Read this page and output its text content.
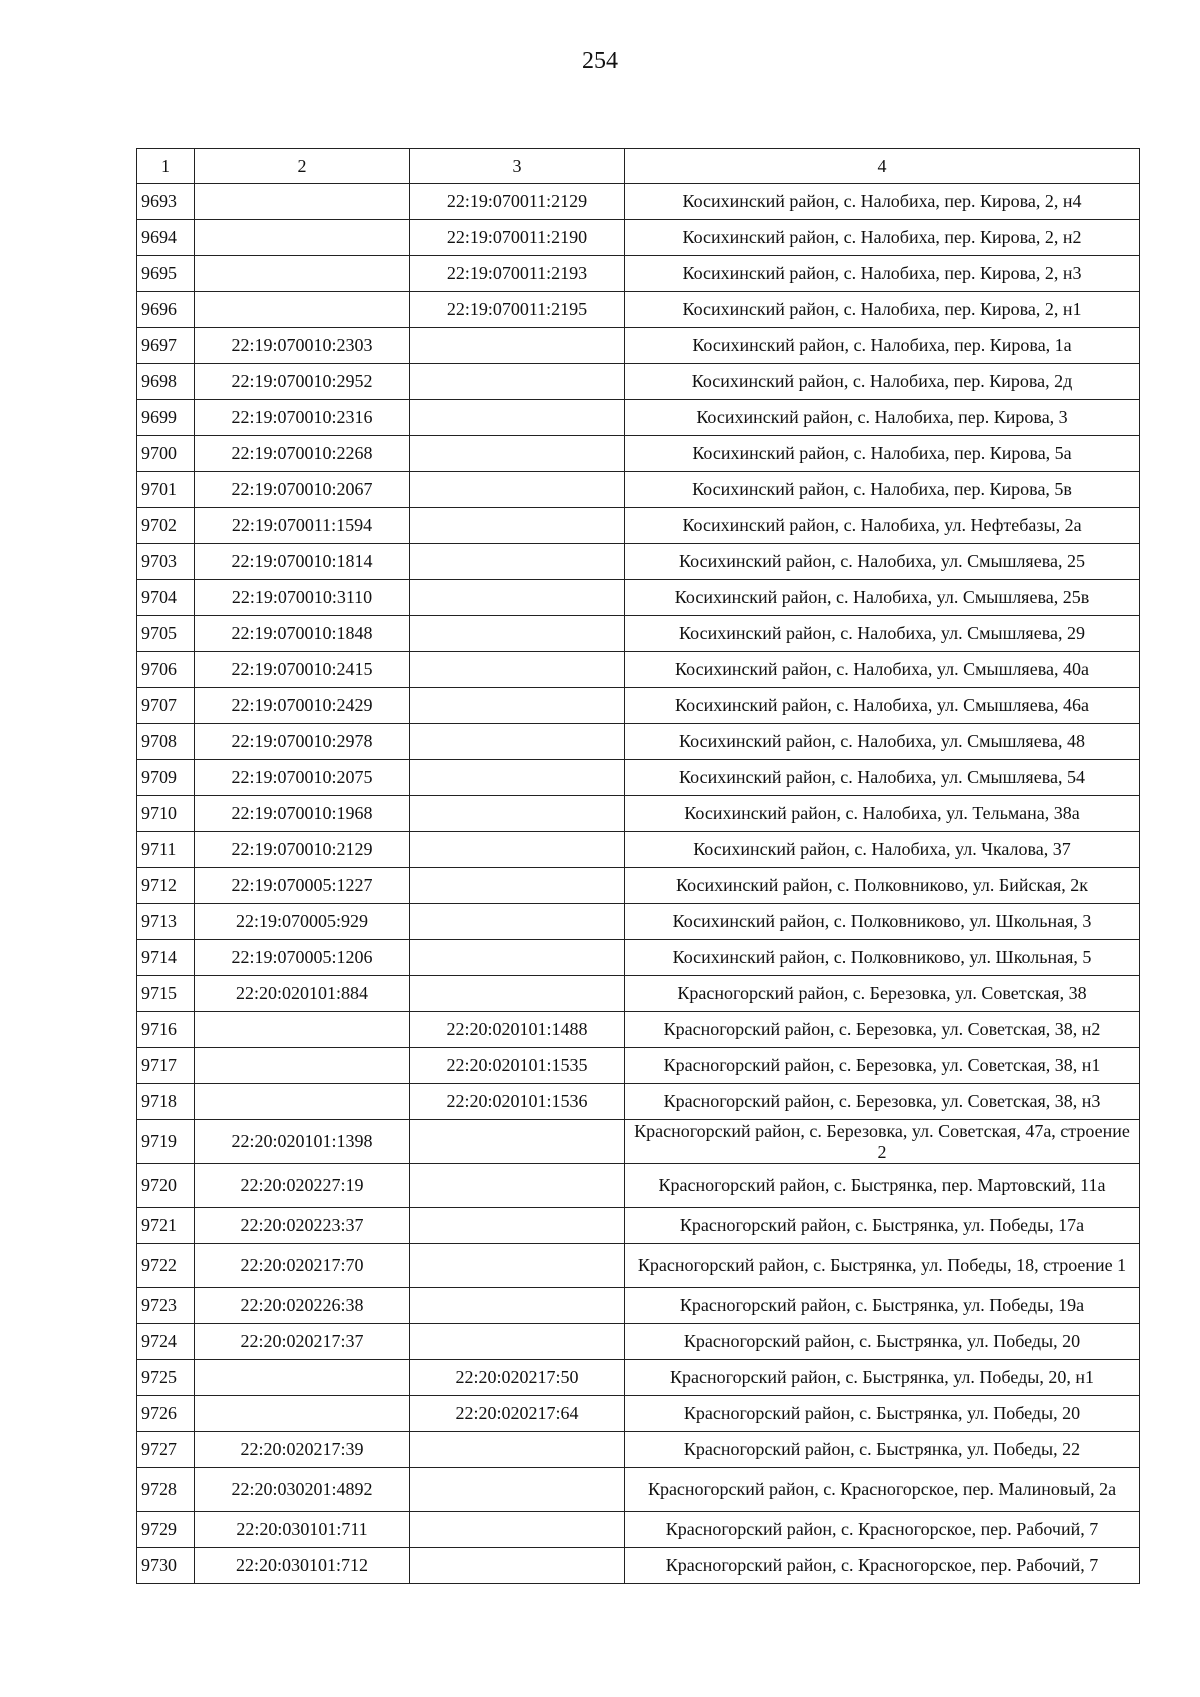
254
1	2	3	4
9693		22:19:070011:2129	Косихинский район, с. Налобиха, пер. Кирова, 2, н4
9694		22:19:070011:2190	Косихинский район, с. Налобиха, пер. Кирова, 2, н2
9695		22:19:070011:2193	Косихинский район, с. Налобиха, пер. Кирова, 2, н3
9696		22:19:070011:2195	Косихинский район, с. Налобиха, пер. Кирова, 2, н1
9697	22:19:070010:2303		Косихинский район, с. Налобиха, пер. Кирова, 1а
9698	22:19:070010:2952		Косихинский район, с. Налобиха, пер. Кирова, 2д
9699	22:19:070010:2316		Косихинский район, с. Налобиха, пер. Кирова, 3
9700	22:19:070010:2268		Косихинский район, с. Налобиха, пер. Кирова, 5а
9701	22:19:070010:2067		Косихинский район, с. Налобиха, пер. Кирова, 5в
9702	22:19:070011:1594		Косихинский район, с. Налобиха, ул. Нефтебазы, 2а
9703	22:19:070010:1814		Косихинский район, с. Налобиха, ул. Смышляева, 25
9704	22:19:070010:3110		Косихинский район, с. Налобиха, ул. Смышляева, 25в
9705	22:19:070010:1848		Косихинский район, с. Налобиха, ул. Смышляева, 29
9706	22:19:070010:2415		Косихинский район, с. Налобиха, ул. Смышляева, 40а
9707	22:19:070010:2429		Косихинский район, с. Налобиха, ул. Смышляева, 46а
9708	22:19:070010:2978		Косихинский район, с. Налобиха, ул. Смышляева, 48
9709	22:19:070010:2075		Косихинский район, с. Налобиха, ул. Смышляева, 54
9710	22:19:070010:1968		Косихинский район, с. Налобиха, ул. Тельмана, 38а
9711	22:19:070010:2129		Косихинский район, с. Налобиха, ул. Чкалова, 37
9712	22:19:070005:1227		Косихинский район, с. Полковниково, ул. Бийская, 2к
9713	22:19:070005:929		Косихинский район, с. Полковниково, ул. Школьная, 3
9714	22:19:070005:1206		Косихинский район, с. Полковниково, ул. Школьная, 5
9715	22:20:020101:884		Красногорский район, с. Березовка, ул. Советская, 38
9716		22:20:020101:1488	Красногорский район, с. Березовка, ул. Советская, 38, н2
9717		22:20:020101:1535	Красногорский район, с. Березовка, ул. Советская, 38, н1
9718		22:20:020101:1536	Красногорский район, с. Березовка, ул. Советская, 38, н3
9719	22:20:020101:1398		Красногорский район, с. Березовка, ул. Советская, 47а, строение 2
9720	22:20:020227:19		Красногорский район, с. Быстрянка, пер. Мартовский, 11а
9721	22:20:020223:37		Красногорский район, с. Быстрянка, ул. Победы, 17а
9722	22:20:020217:70		Красногорский район, с. Быстрянка, ул. Победы, 18, строение 1
9723	22:20:020226:38		Красногорский район, с. Быстрянка, ул. Победы, 19а
9724	22:20:020217:37		Красногорский район, с. Быстрянка, ул. Победы, 20
9725		22:20:020217:50	Красногорский район, с. Быстрянка, ул. Победы, 20, н1
9726		22:20:020217:64	Красногорский район, с. Быстрянка, ул. Победы, 20
9727	22:20:020217:39		Красногорский район, с. Быстрянка, ул. Победы, 22
9728	22:20:030201:4892		Красногорский район, с. Красногорское, пер. Малиновый, 2а
9729	22:20:030101:711		Красногорский район, с. Красногорское, пер. Рабочий, 7
9730	22:20:030101:712		Красногорский район, с. Красногорское, пер. Рабочий, 7
